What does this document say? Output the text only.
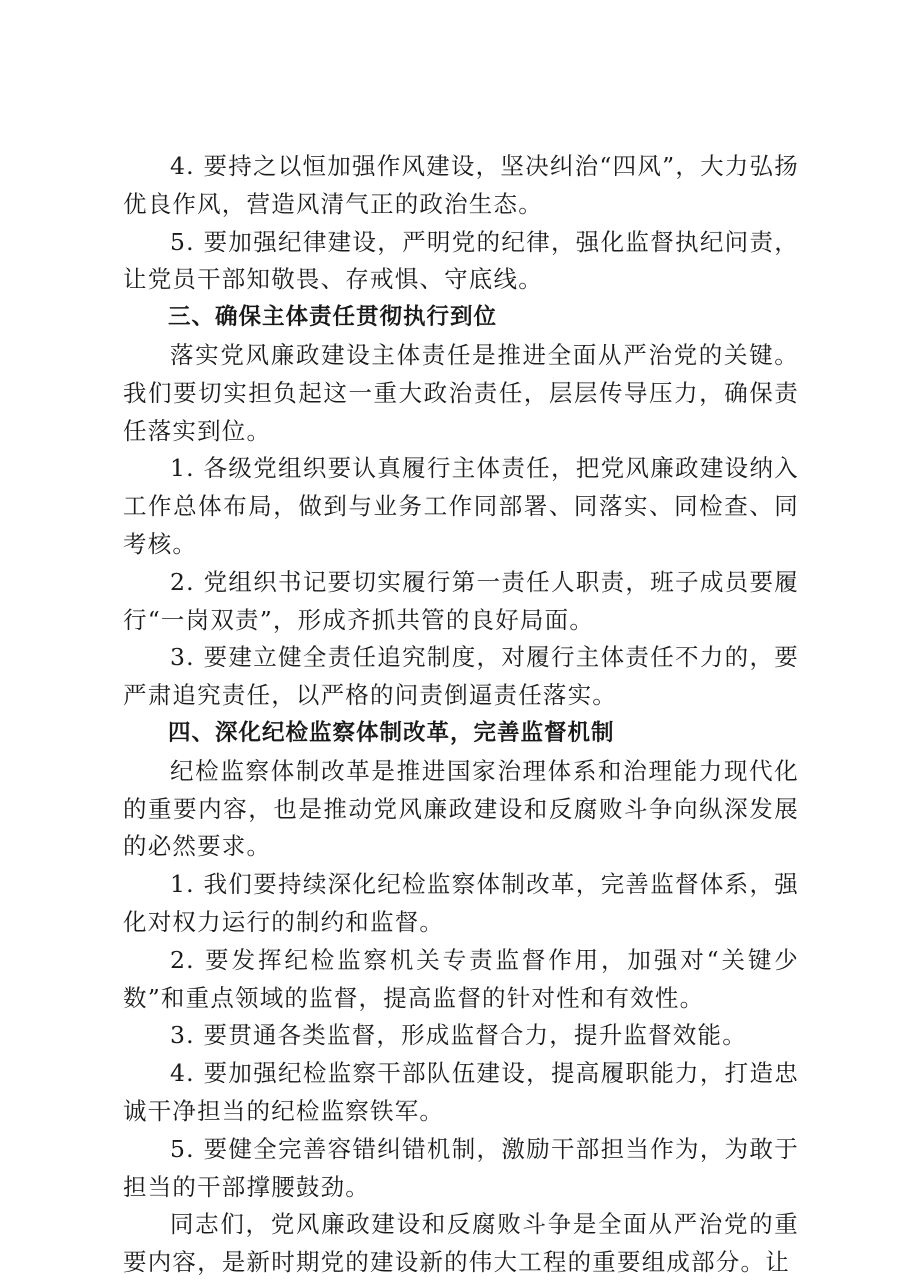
4. 要持之以恒加强作风建设，坚决纠治“四风”，大力弘扬优良作风，营造风清气正的政治生态。

5. 要加强纪律建设，严明党的纪律，强化监督执纪问责，让党员干部知敬畏、存戒惧、守底线。

三、确保主体责任贯彻执行到位

落实党风廉政建设主体责任是推进全面从严治党的关键。我们要切实担负起这一重大政治责任，层层传导压力，确保责任落实到位。

1. 各级党组织要认真履行主体责任，把党风廉政建设纳入工作总体布局，做到与业务工作同部署、同落实、同检查、同考核。

2. 党组织书记要切实履行第一责任人职责，班子成员要履行“一岗双责”，形成齐抓共管的良好局面。

3. 要建立健全责任追究制度，对履行主体责任不力的，要严肃追究责任，以严格的问责倒逼责任落实。

四、深化纪检监察体制改革，完善监督机制

纪检监察体制改革是推进国家治理体系和治理能力现代化的重要内容，也是推动党风廉政建设和反腐败斗争向纵深发展的必然要求。

1. 我们要持续深化纪检监察体制改革，完善监督体系，强化对权力运行的制约和监督。

2. 要发挥纪检监察机关专责监督作用，加强对“关键少数”和重点领域的监督，提高监督的针对性和有效性。

3. 要贯通各类监督，形成监督合力，提升监督效能。

4. 要加强纪检监察干部队伍建设，提高履职能力，打造忠诚干净担当的纪检监察铁军。

5. 要健全完善容错纠错机制，激励干部担当作为，为敢于担当的干部撑腰鼓劲。

同志们，党风廉政建设和反腐败斗争是全面从严治党的重要内容，是新时期党的建设新的伟大工程的重要组成部分。让
